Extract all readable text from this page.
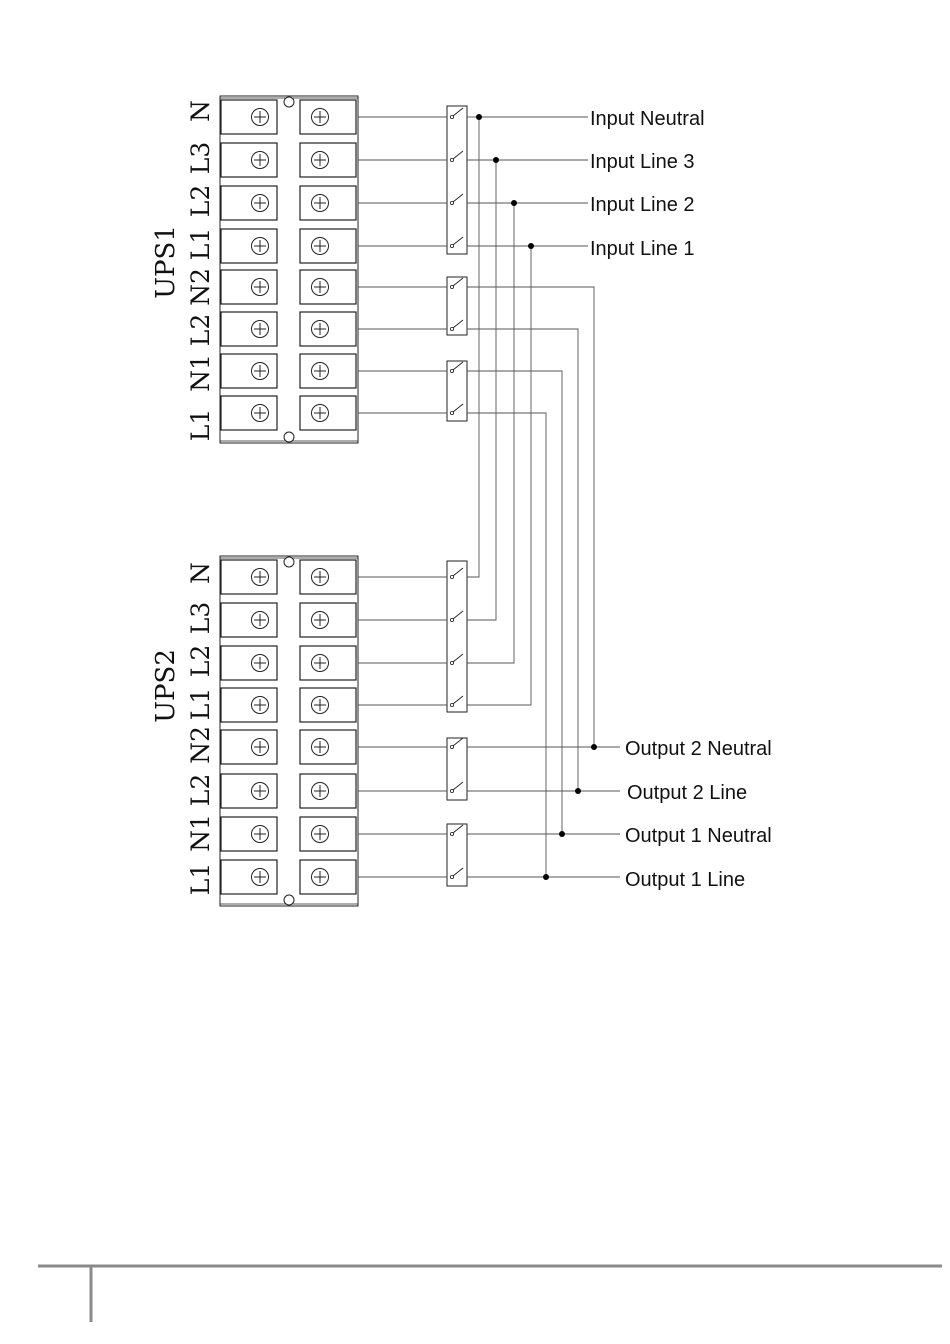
UPS1
UPS2
N
L3
L2
L1
N2
L2
N1
L1
N
L3
L2
L1
N2
L2
N1
L1
Input Neutral
Input Line 3
Input Line 2
Input Line 1
Output 2 Neutral
Output 2 Line
Output 1 Neutral
Output 1 Line
